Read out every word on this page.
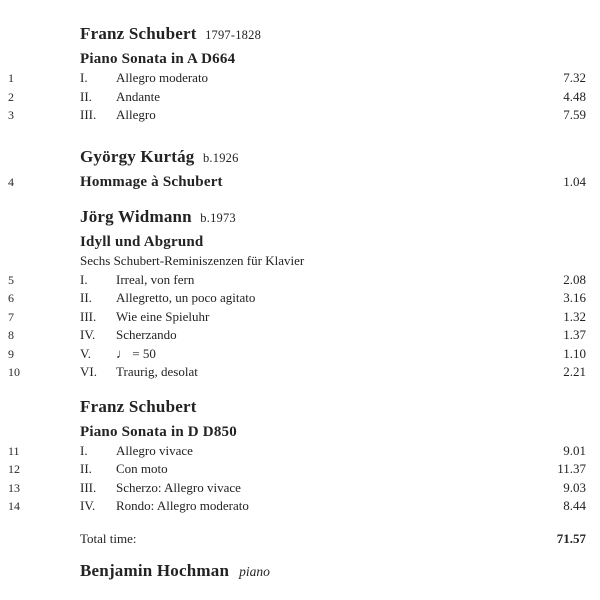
Franz Schubert 1797-1828
Piano Sonata in A D664
1	I.	Allegro moderato	7.32
2	II.	Andante	4.48
3	III.	Allegro	7.59
György Kurtág b.1926
4	Hommage à Schubert	1.04
Jörg Widmann b.1973
Idyll und Abgrund
Sechs Schubert-Reminiszenzen für Klavier
5	I.	Irreal, von fern	2.08
6	II.	Allegretto, un poco agitato	3.16
7	III.	Wie eine Spieluhr	1.32
8	IV.	Scherzando	1.37
9	V.	♩ = 50	1.10
10	VI.	Traurig, desolat	2.21
Franz Schubert
Piano Sonata in D D850
11	I.	Allegro vivace	9.01
12	II.	Con moto	11.37
13	III.	Scherzo: Allegro vivace	9.03
14	IV.	Rondo: Allegro moderato	8.44
Total time:	71.57
Benjamin Hochman piano
